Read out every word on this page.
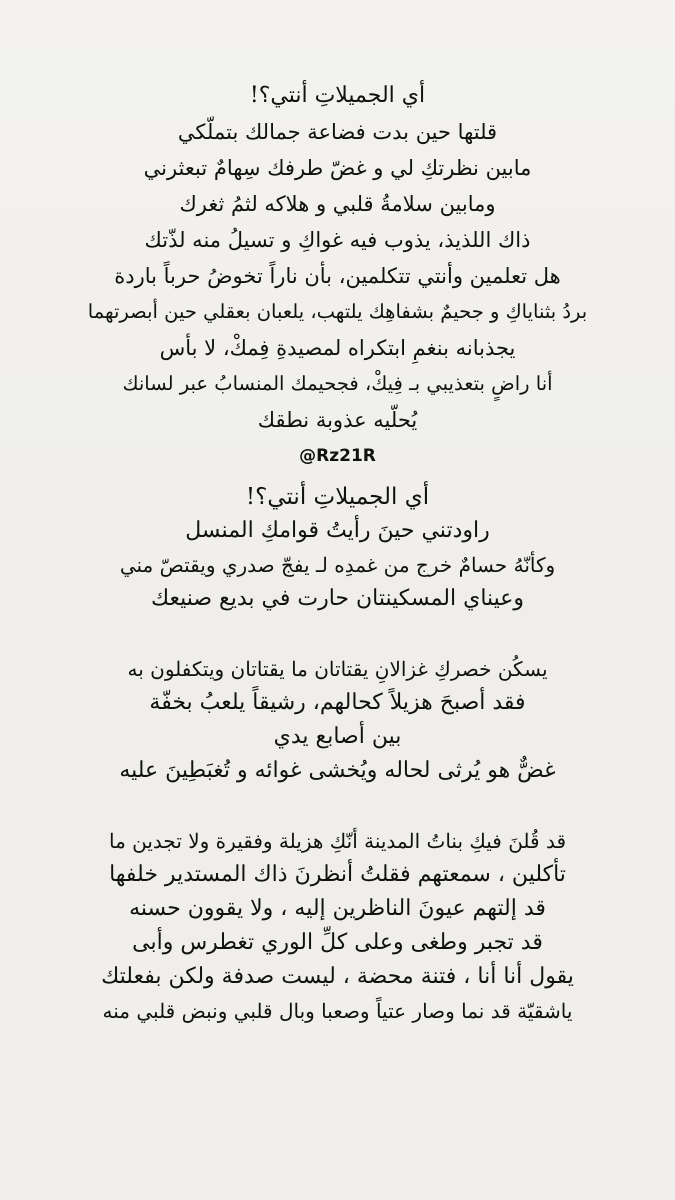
أي الجميلاتِ أنتي؟!
قلتها حين بدت فضاعة جمالك بتملّكي
مابين نظرتكِ لي و غضّ طرفك سِهامٌ تبعثرني
ومابين سلامةُ قلبي و هلاكه لثمُ ثغرك
ذاك اللذيذ، يذوب فيه غواكِ و تسيلُ منه لذّتك
هل تعلمين وأنتي تتكلمين، بأن ناراً تخوضُ حرباً باردة
بردُ بثناياكِ و جحيمٌ بشفاهِك يلتهب، يلعبان بعقلي حين أبصرتهما
يجذبانه بنغمِ ابتكراه لمصيدةِ فِمكْ، لا بأس
أنا راضٍ بتعذيبي بـ فِيكْ، فجحيمك المنسابُ عبر لسانك
يُحلّيه عذوبة نطقك
@Rz21R
أي الجميلاتِ أنتي؟!
راودتني حينَ رأيتُ قوامكِ المنسل
وكأنّهُ حسامٌ خرج من غمدِه لـ يفجّ صدري ويقتصّ مني
وعيناي المسكينتان حارت في بديع صنيعك
يسكُن خصركِ غزالانِ يقتاتان ما يقتاتان ويتكفلون به
فقد أصبحَ هزيلاً كحالهم، رشيقاً يلعبُ بخفّة
بين أصابع يدي
غضٌّ هو يُرثى لحاله ويُخشى غوائه و تُغبَطِينَ عليه
قد قُلنَ فيكِ بناتُ المدينة أنّكِ هزيلة وفقيرة ولا تجدين ما
تأكلين ، سمعتهم فقلتُ أنظرنَ ذاك المستدير خلفها
قد إلتهم عيونَ الناظرين إليه ، ولا يقوون حسنه
قد تجبر وطغى وعلى كلِّ الوري تغطرس وأبى
يقول أنا أنا ، فتنة محضة ، ليست صدفة ولكن بفعلتك
ياشقيّة قد نما وصار عتياً وصعبا وبال قلبي ونبض قلبي منه
